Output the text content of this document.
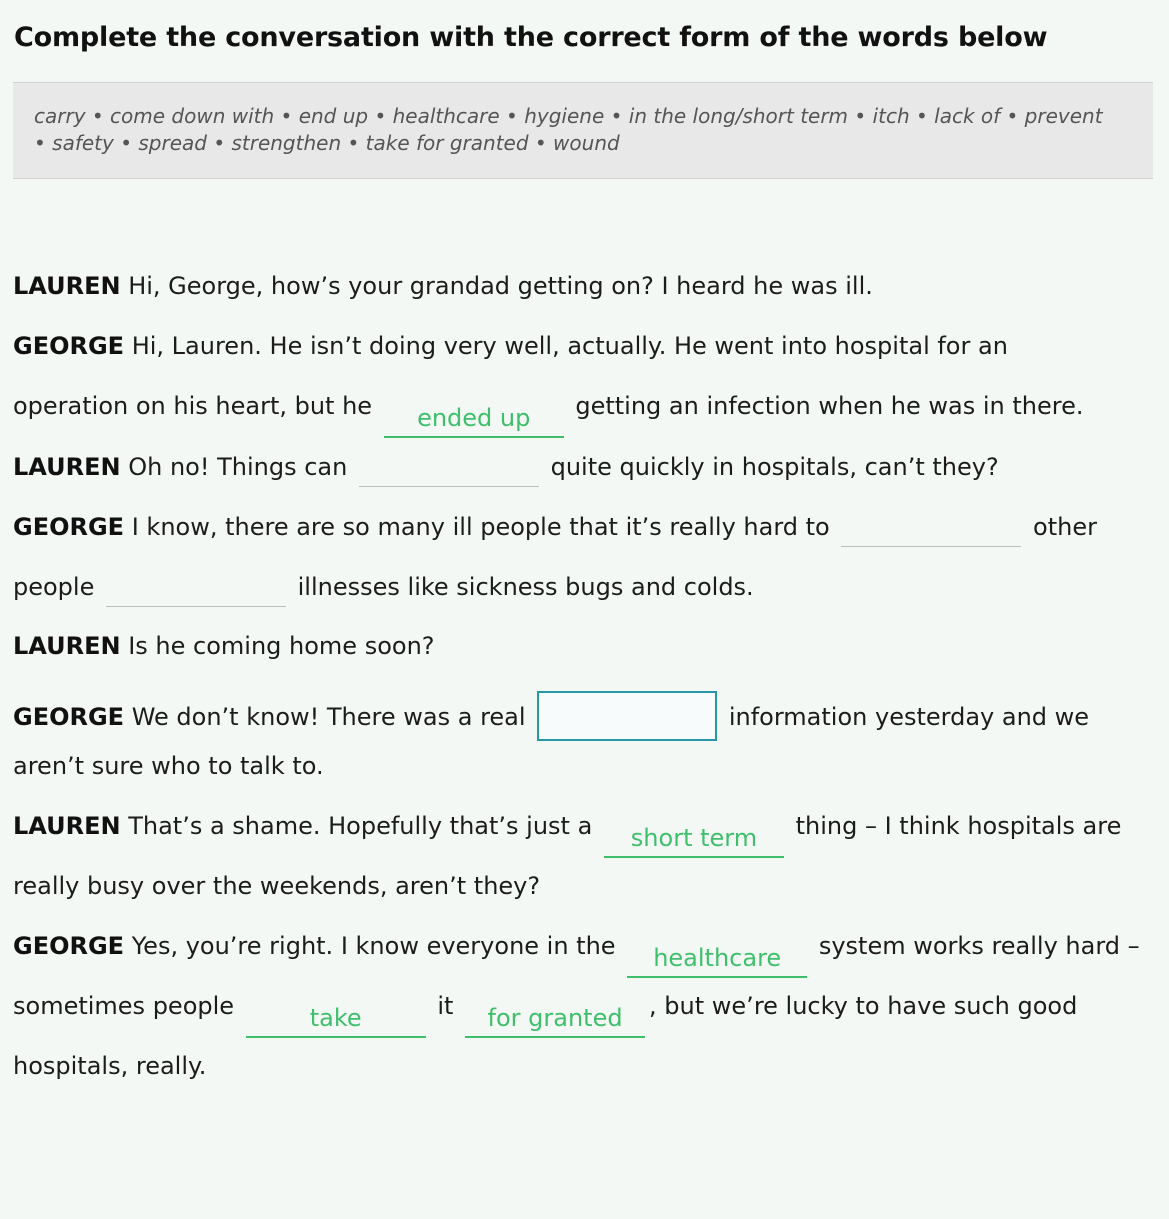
Complete the conversation with the correct form of the words below
carry • come down with • end up • healthcare • hygiene • in the long/short term • itch • lack of • prevent
• safety • spread • strengthen • take for granted • wound
LAUREN Hi, George, how’s your grandad getting on? I heard he was ill.
GEORGE Hi, Lauren. He isn’t doing very well, actually. He went into hospital for an
operation on his heart, but he ended up getting an infection when he was in there.
LAUREN Oh no! Things can	quite quickly in hospitals, can’t they?
GEORGE I know, there are so many ill people that it’s really hard to	other
people	illnesses like sickness bugs and colds.
LAUREN Is he coming home soon?
GEORGE We don’t know! There was a real	information yesterday and we
aren’t sure who to talk to.
LAUREN That’s a shame. Hopefully that’s just a short term thing – I think hospitals are
really busy over the weekends, aren’t they?
GEORGE Yes, you’re right. I know everyone in the healthcare system works really hard –
sometimes people	take	it for granted , but we’re lucky to have such good
hospitals, really.
